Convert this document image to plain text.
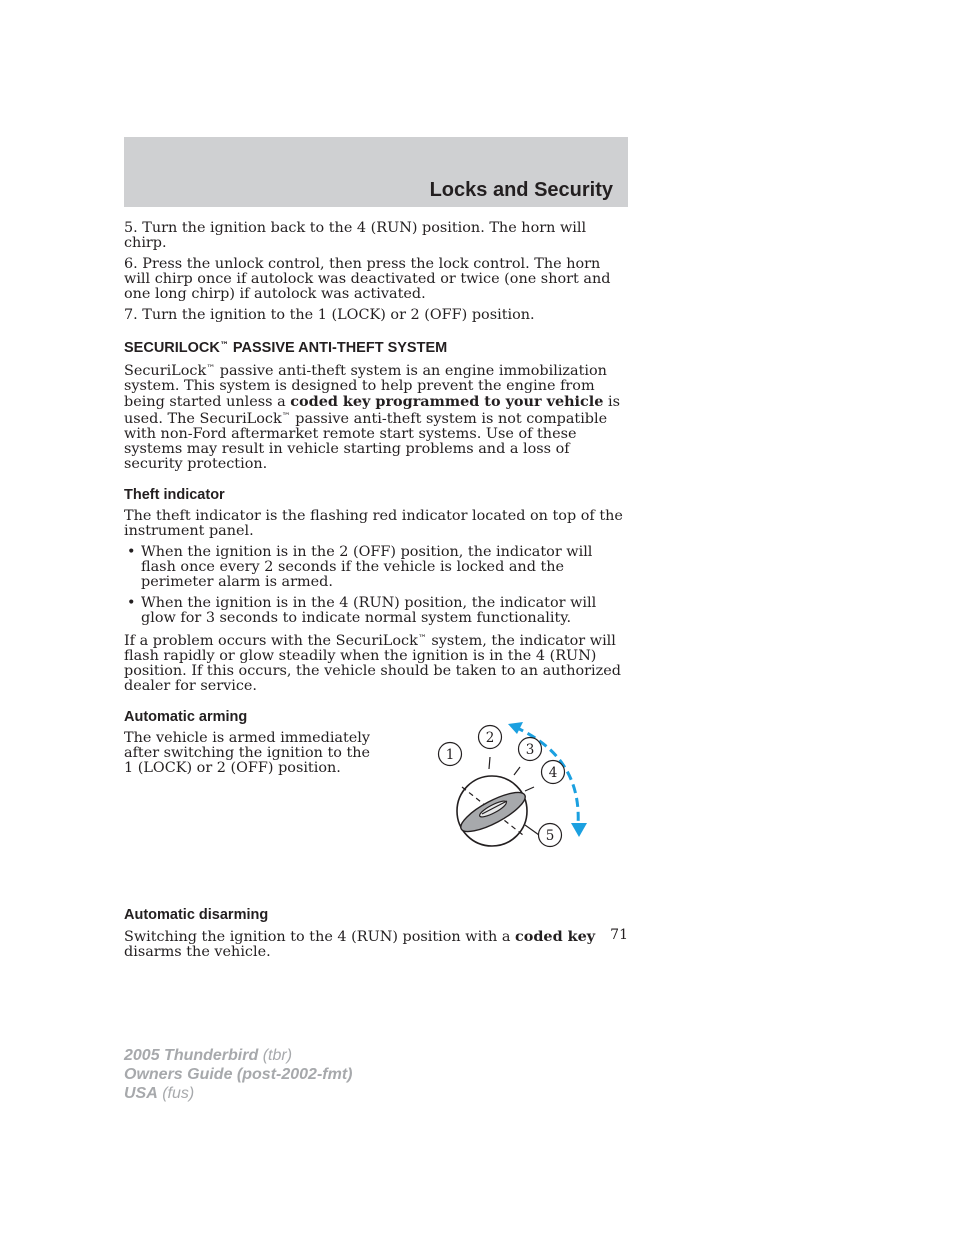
Locks and Security

5. Turn the ignition back to the 4 (RUN) position. The horn will chirp.

6. Press the unlock control, then press the lock control. The horn will chirp once if autolock was deactivated or twice (one short and one long chirp) if autolock was activated.

7. Turn the ignition to the 1 (LOCK) or 2 (OFF) position.

SECURILOCK™ PASSIVE ANTI-THEFT SYSTEM

SecuriLock™ passive anti-theft system is an engine immobilization system. This system is designed to help prevent the engine from being started unless a coded key programmed to your vehicle is used. The SecuriLock™ passive anti-theft system is not compatible with non-Ford aftermarket remote start systems. Use of these systems may result in vehicle starting problems and a loss of security protection.

Theft indicator

The theft indicator is the flashing red indicator located on top of the instrument panel.

• When the ignition is in the 2 (OFF) position, the indicator will flash once every 2 seconds if the vehicle is locked and the perimeter alarm is armed.
• When the ignition is in the 4 (RUN) position, the indicator will glow for 3 seconds to indicate normal system functionality.

If a problem occurs with the SecuriLock™ system, the indicator will flash rapidly or glow steadily when the ignition is in the 4 (RUN) position. If this occurs, the vehicle should be taken to an authorized dealer for service.

Automatic arming

The vehicle is armed immediately after switching the ignition to the 1 (LOCK) or 2 (OFF) position.

1
2
3
4
5
Automatic disarming

Switching the ignition to the 4 (RUN) position with a coded key disarms the vehicle.

71
2005 Thunderbird (tbr)
Owners Guide (post-2002-fmt)
USA (fus)
